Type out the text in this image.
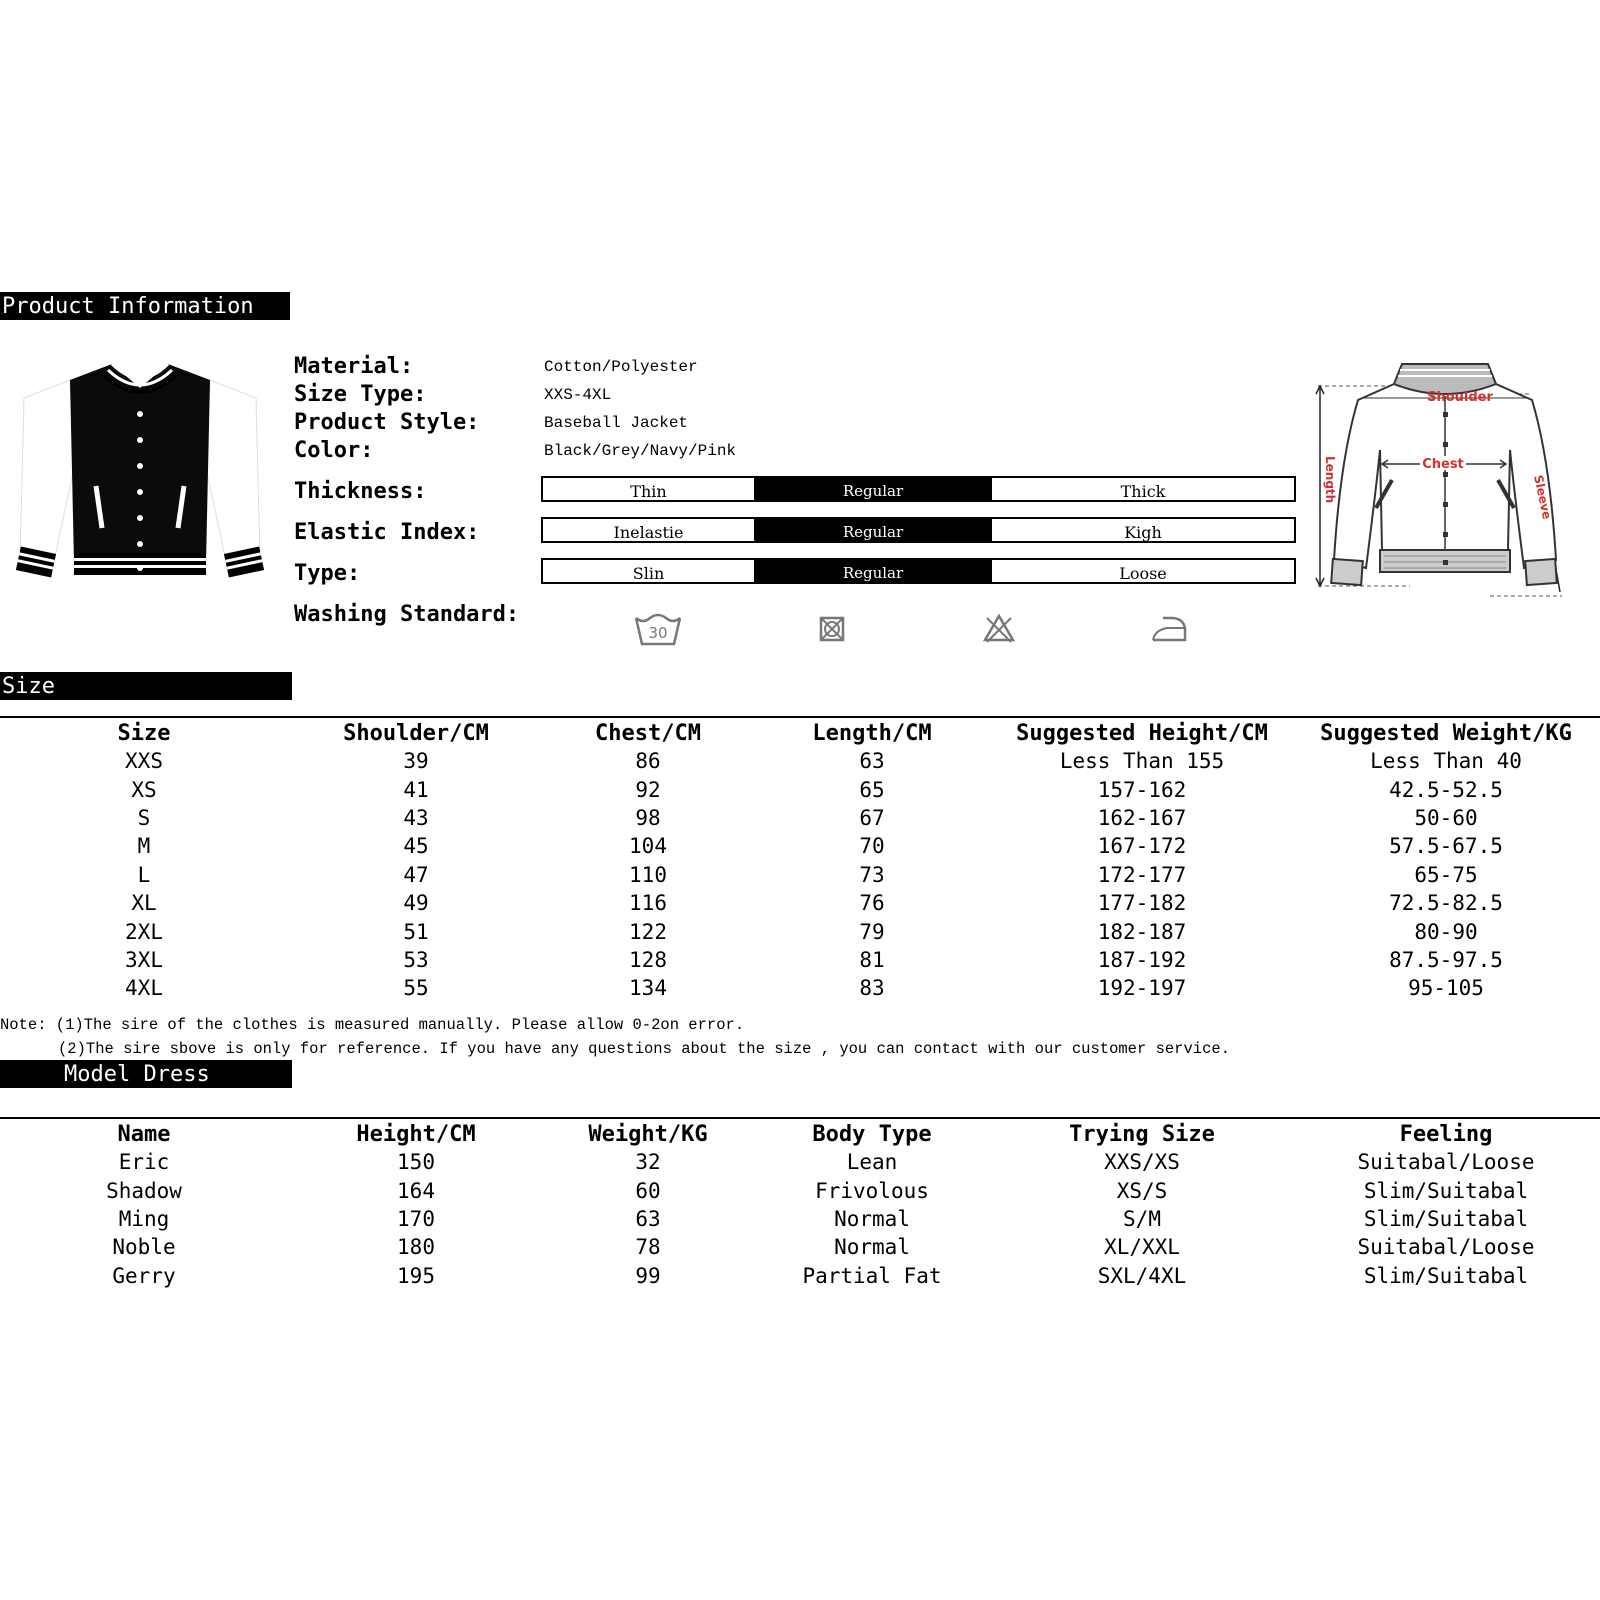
Product Information
Material:	Cotton/Polyester
Size Type:	XXS-4XL
Product Style:	Baseball Jacket
Color:	Black/Grey/Navy/Pink
Thickness:	Thin	Regular	Thick
Elastic Index:	Inelastie	Regular	Kigh
Type:	Slin	Regular	Loose
Washing Standard:
30
Shoulder
Chest
Length	Sleeve
Size
Size	Shoulder/CM	Chest/CM	Length/CM	Suggested Height/CM	Suggested Weight/KG
XXS	39	86	63	Less Than 155	Less Than 40
XS	41	92	65	157-162	42.5-52.5
S	43	98	67	162-167	50-60
M	45	104	70	167-172	57.5-67.5
L	47	110	73	172-177	65-75
XL	49	116	76	177-182	72.5-82.5
2XL	51	122	79	182-187	80-90
3XL	53	128	81	187-192	87.5-97.5
4XL	55	134	83	192-197	95-105
Note: (1)The sire of the clothes is measured manually. Please allow 0-2on error.
(2)The sire sbove is only for reference. If you have any questions about the size , you can contact with our customer service.
Model Dress
Name	Height/CM	Weight/KG	Body Type	Trying Size	Feeling
Eric	150	32	Lean	XXS/XS	Suitabal/Loose
Shadow	164	60	Frivolous	XS/S	Slim/Suitabal
Ming	170	63	Normal	S/M	Slim/Suitabal
Noble	180	78	Normal	XL/XXL	Suitabal/Loose
Gerry	195	99	Partial Fat	SXL/4XL	Slim/Suitabal
